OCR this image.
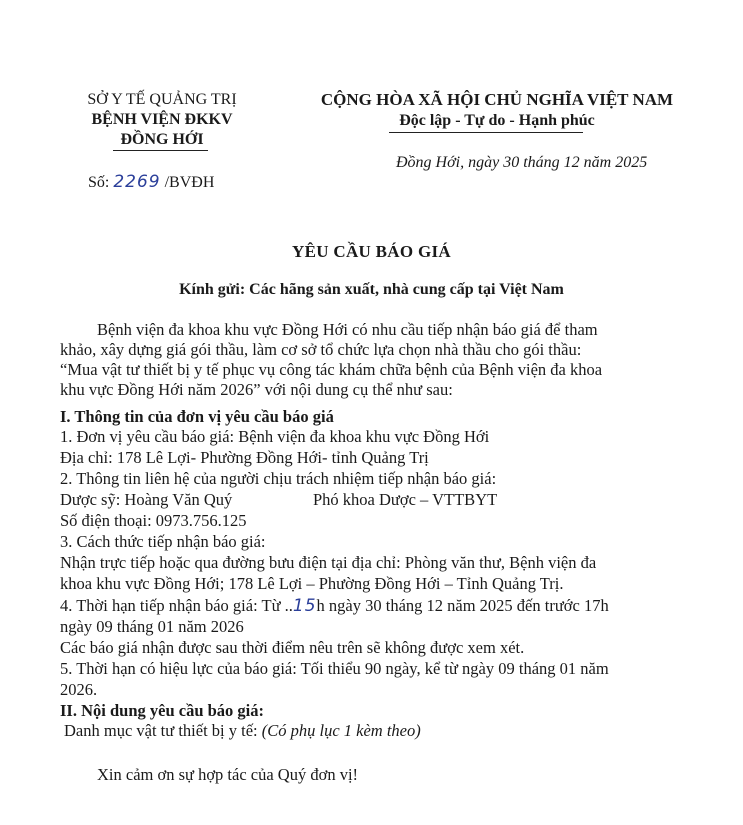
SỞ Y TẾ QUẢNG TRỊ
BỆNH VIỆN ĐKKV
ĐỒNG HỚI
Số: 2269 /BVĐH
CỘNG HÒA XÃ HỘI CHỦ NGHĨA VIỆT NAM
Độc lập - Tự do - Hạnh phúc
Đồng Hới, ngày 30 tháng 12 năm 2025
YÊU CẦU BÁO GIÁ
Kính gửi: Các hãng sản xuất, nhà cung cấp tại Việt Nam
Bệnh viện đa khoa khu vực Đồng Hới có nhu cầu tiếp nhận báo giá để tham
khảo, xây dựng giá gói thầu, làm cơ sở tổ chức lựa chọn nhà thầu cho gói thầu:
“Mua vật tư thiết bị y tế phục vụ công tác khám chữa bệnh của Bệnh viện đa khoa
khu vực Đồng Hới năm 2026” với nội dung cụ thể như sau:
I. Thông tin của đơn vị yêu cầu báo giá
1. Đơn vị yêu cầu báo giá: Bệnh viện đa khoa khu vực Đồng Hới
Địa chỉ: 178 Lê Lợi- Phường Đồng Hới- tỉnh Quảng Trị
2. Thông tin liên hệ của người chịu trách nhiệm tiếp nhận báo giá:
Dược sỹ: Hoàng Văn Quý	Phó khoa Dược – VTTBYT
Số điện thoại: 0973.756.125
3. Cách thức tiếp nhận báo giá:
Nhận trực tiếp hoặc qua đường bưu điện tại địa chỉ: Phòng văn thư, Bệnh viện đa
khoa khu vực Đồng Hới; 178 Lê Lợi – Phường Đồng Hới – Tỉnh Quảng Trị.
4. Thời hạn tiếp nhận báo giá: Từ ..15h ngày 30 tháng 12 năm 2025 đến trước 17h
ngày 09 tháng 01 năm 2026
Các báo giá nhận được sau thời điểm nêu trên sẽ không được xem xét.
5. Thời hạn có hiệu lực của báo giá: Tối thiểu 90 ngày, kể từ ngày 09 tháng 01 năm
2026.
II. Nội dung yêu cầu báo giá:
Danh mục vật tư thiết bị y tế: (Có phụ lục 1 kèm theo)
Xin cảm ơn sự hợp tác của Quý đơn vị!
